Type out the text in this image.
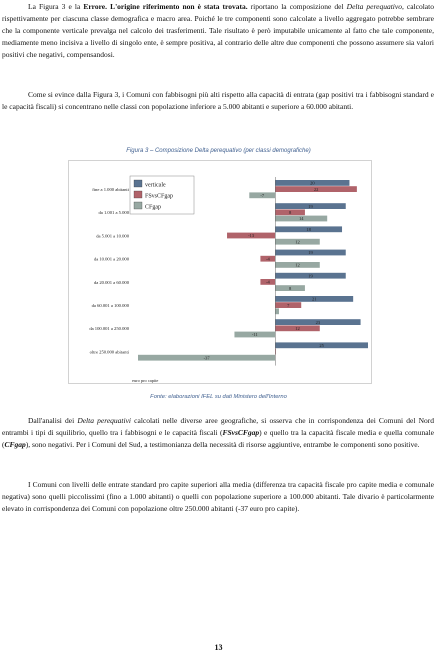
La Figura 3 e la Errore. L'origine riferimento non è stata trovata. riportano la composizione del Delta perequativo, calcolato rispettivamente per ciascuna classe demografica e macro area. Poiché le tre componenti sono calcolate a livello aggregato potrebbe sembrare che la componente verticale prevalga nel calcolo dei trasferimenti. Tale risultato è però imputabile unicamente al fatto che tale componente, mediamente meno incisiva a livello di singolo ente, è sempre positiva, al contrario delle altre due componenti che possono assumere sia valori positivi che negativi, compensandosi.

Come si evince dalla Figura 3, i Comuni con fabbisogni più alti rispetto alla capacità di entrata (gap positivi tra i fabbisogni standard e le capacità fiscali) si concentrano nelle classi con popolazione inferiore a 5.000 abitanti e superiore a 60.000 abitanti.

Figura 3 – Composizione Delta perequativo (per classi demografiche)
fine a 1.000 abitanti
da 1.001 a 5.000
da 5.001 a 10.000
da 10.001 a 20.000
da 20.001 a 60.000
da 60.001 a 100.000
da 100.001 a 250.000
oltre 250.000 abitanti
20
22
-7
19
8
14
18
-13
12
19
-4
12
19
-4
8
21
7
23
12
-11
25
-37
verticale
FSvsCFgap
CFgap
euro pro capite
Fonte: elaborazioni IFEL su dati Ministero dell'Interno

Dall'analisi dei Delta perequativi calcolati nelle diverse aree geografiche, si osserva che in corrispondenza dei Comuni del Nord entrambi i tipi di squilibrio, quello tra i fabbisogni e le capacità fiscali (FSvsCFgap) e quello tra la capacità fiscale media e quella comunale (CFgap), sono negativi. Per i Comuni del Sud, a testimonianza della necessità di risorse aggiuntive, entrambe le componenti sono positive.

I Comuni con livelli delle entrate standard pro capite superiori alla media (differenza tra capacità fiscale pro capite media e comunale negativa) sono quelli piccolissimi (fino a 1.000 abitanti) o quelli con popolazione superiore a 100.000 abitanti. Tale divario è particolarmente elevato in corrispondenza dei Comuni con popolazione oltre 250.000 abitanti (-37 euro pro capite).

13
